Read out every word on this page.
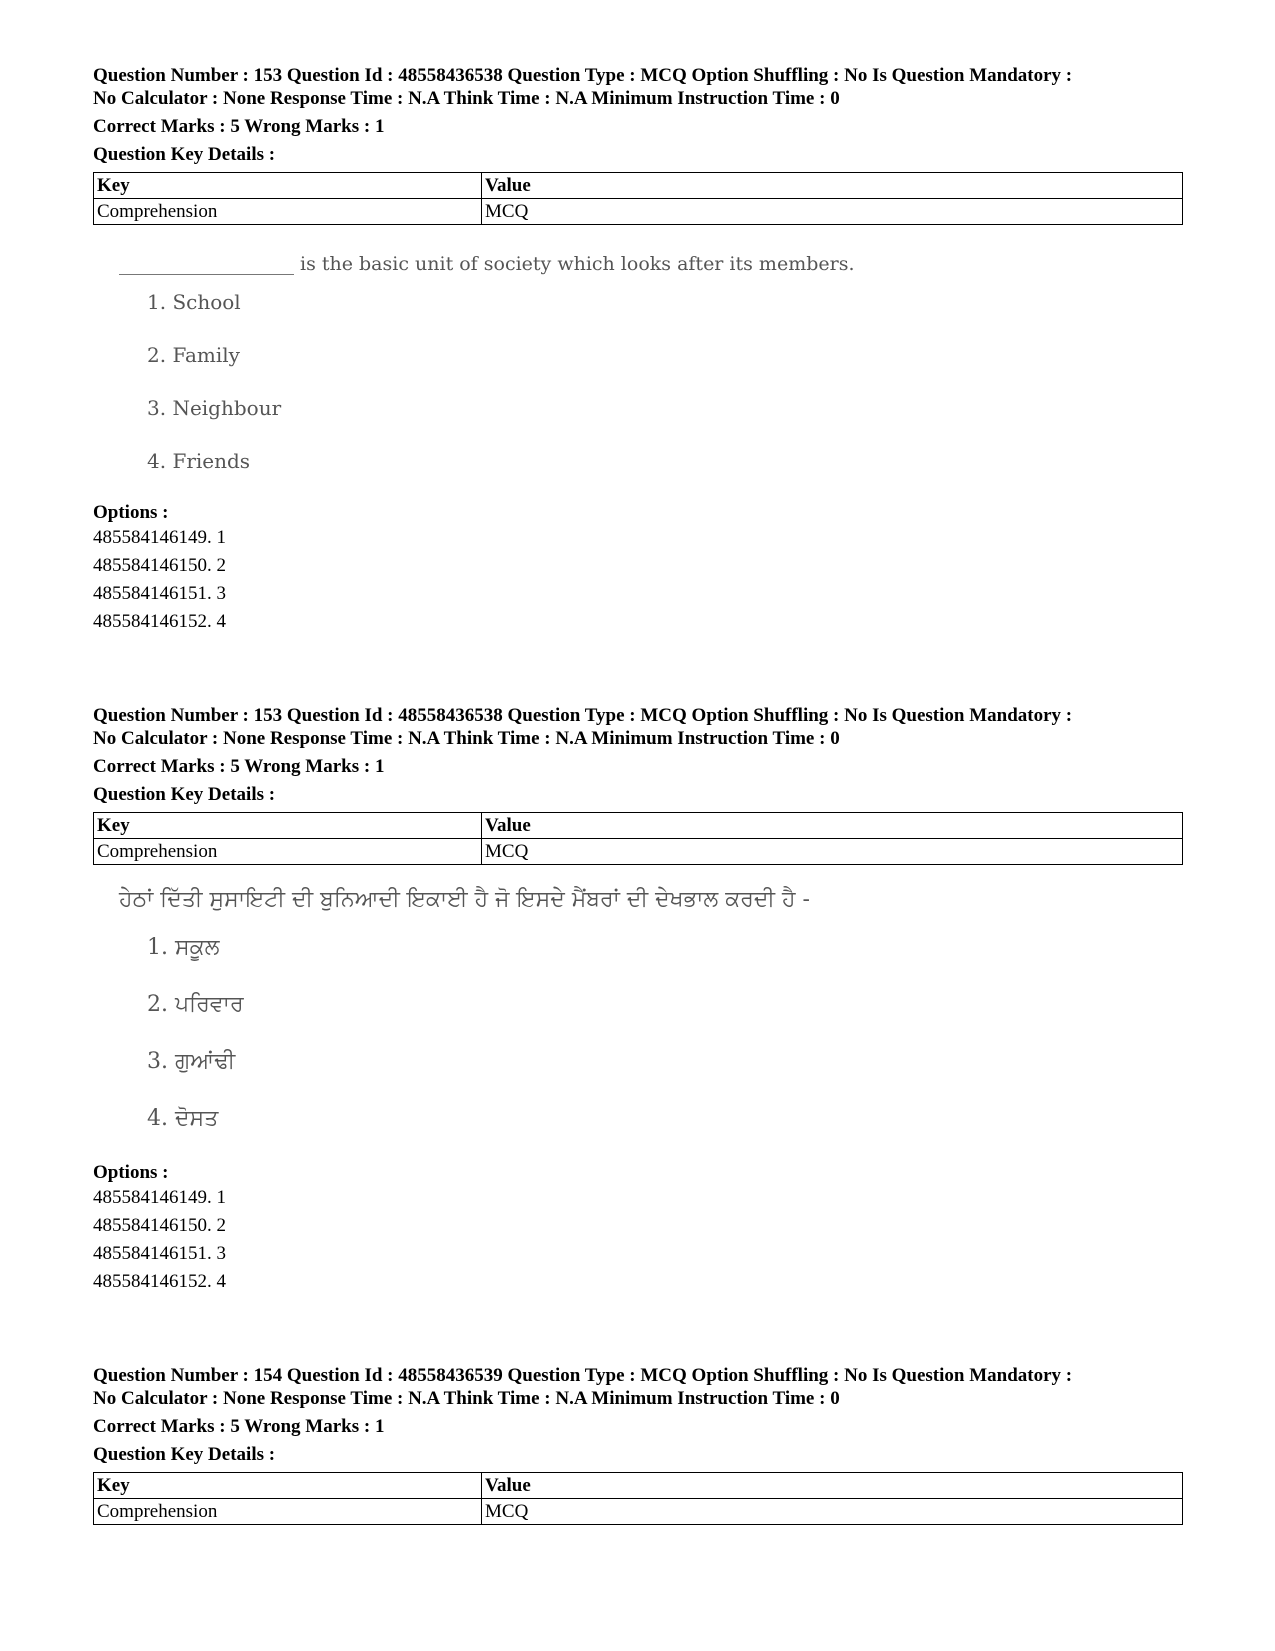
Question Number : 153 Question Id : 48558436538 Question Type : MCQ Option Shuffling : No Is Question Mandatory :

No Calculator : None Response Time : N.A Think Time : N.A Minimum Instruction Time : 0

Correct Marks : 5 Wrong Marks : 1

Question Key Details :

Key	Value
Comprehension	MCQ
is the basic unit of society which looks after its members.
1. School
2. Family
3. Neighbour
4. Friends

Options :

485584146149. 1

485584146150. 2

485584146151. 3

485584146152. 4

Question Number : 153 Question Id : 48558436538 Question Type : MCQ Option Shuffling : No Is Question Mandatory :

No Calculator : None Response Time : N.A Think Time : N.A Minimum Instruction Time : 0

Correct Marks : 5 Wrong Marks : 1

Question Key Details :

Key	Value
Comprehension	MCQ
ਹੇਠਾਂ ਦਿੱਤੀ ਸੁਸਾਇਟੀ ਦੀ ਬੁਨਿਆਦੀ ਇਕਾਈ ਹੈ ਜੋ ਇਸਦੇ ਮੈਂਬਰਾਂ ਦੀ ਦੇਖਭਾਲ ਕਰਦੀ ਹੈ -
1. ਸਕੂਲ
2. ਪਰਿਵਾਰ
3. ਗੁਆਂਢੀ
4. ਦੋਸਤ

Options :

485584146149. 1

485584146150. 2

485584146151. 3

485584146152. 4

Question Number : 154 Question Id : 48558436539 Question Type : MCQ Option Shuffling : No Is Question Mandatory :

No Calculator : None Response Time : N.A Think Time : N.A Minimum Instruction Time : 0

Correct Marks : 5 Wrong Marks : 1

Question Key Details :

Key	Value
Comprehension	MCQ
